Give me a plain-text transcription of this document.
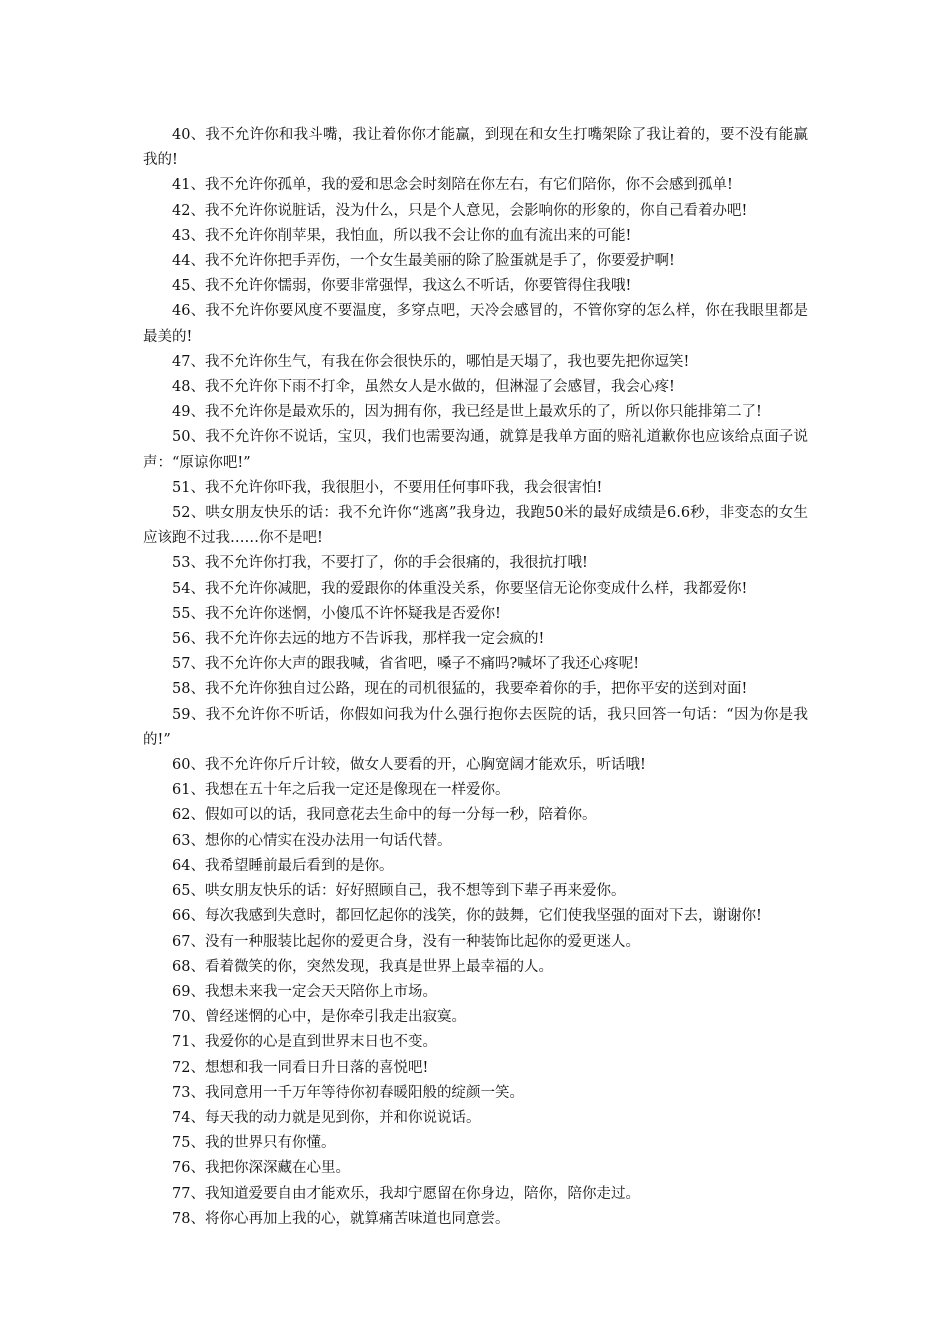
40、我不允许你和我斗嘴，我让着你你才能赢，到现在和女生打嘴架除了我让着的，要不没有能赢我的!

41、我不允许你孤单，我的爱和思念会时刻陪在你左右，有它们陪你，你不会感到孤单!

42、我不允许你说脏话，没为什么，只是个人意见，会影响你的形象的，你自己看着办吧!

43、我不允许你削苹果，我怕血，所以我不会让你的血有流出来的可能!

44、我不允许你把手弄伤，一个女生最美丽的除了脸蛋就是手了，你要爱护啊!

45、我不允许你懦弱，你要非常强悍，我这么不听话，你要管得住我哦!

46、我不允许你要风度不要温度，多穿点吧，天冷会感冒的，不管你穿的怎么样，你在我眼里都是最美的!

47、我不允许你生气，有我在你会很快乐的，哪怕是天塌了，我也要先把你逗笑!

48、我不允许你下雨不打伞，虽然女人是水做的，但淋湿了会感冒，我会心疼!

49、我不允许你是最欢乐的，因为拥有你，我已经是世上最欢乐的了，所以你只能排第二了!

50、我不允许你不说话，宝贝，我们也需要沟通，就算是我单方面的赔礼道歉你也应该给点面子说声：“原谅你吧!”

51、我不允许你吓我，我很胆小，不要用任何事吓我，我会很害怕!

52、哄女朋友快乐的话：我不允许你“逃离”我身边，我跑50米的最好成绩是6.6秒，非变态的女生应该跑不过我……你不是吧!

53、我不允许你打我，不要打了，你的手会很痛的，我很抗打哦!

54、我不允许你减肥，我的爱跟你的体重没关系，你要坚信无论你变成什么样，我都爱你!

55、我不允许你迷惘，小傻瓜不许怀疑我是否爱你!

56、我不允许你去远的地方不告诉我，那样我一定会疯的!

57、我不允许你大声的跟我喊，省省吧，嗓子不痛吗?喊坏了我还心疼呢!

58、我不允许你独自过公路，现在的司机很猛的，我要牵着你的手，把你平安的送到对面!

59、我不允许你不听话，你假如问我为什么强行抱你去医院的话，我只回答一句话：“因为你是我的!”

60、我不允许你斤斤计较，做女人要看的开，心胸宽阔才能欢乐，听话哦!

61、我想在五十年之后我一定还是像现在一样爱你。

62、假如可以的话，我同意花去生命中的每一分每一秒，陪着你。

63、想你的心情实在没办法用一句话代替。

64、我希望睡前最后看到的是你。

65、哄女朋友快乐的话：好好照顾自己，我不想等到下辈子再来爱你。

66、每次我感到失意时，都回忆起你的浅笑，你的鼓舞，它们使我坚强的面对下去，谢谢你!

67、没有一种服装比起你的爱更合身，没有一种装饰比起你的爱更迷人。

68、看着微笑的你，突然发现，我真是世界上最幸福的人。

69、我想未来我一定会天天陪你上市场。

70、曾经迷惘的心中，是你牵引我走出寂寞。

71、我爱你的心是直到世界末日也不变。

72、想想和我一同看日升日落的喜悦吧!

73、我同意用一千万年等待你初春暖阳般的绽颜一笑。

74、每天我的动力就是见到你，并和你说说话。

75、我的世界只有你懂。

76、我把你深深藏在心里。

77、我知道爱要自由才能欢乐，我却宁愿留在你身边，陪你，陪你走过。

78、将你心再加上我的心，就算痛苦味道也同意尝。
